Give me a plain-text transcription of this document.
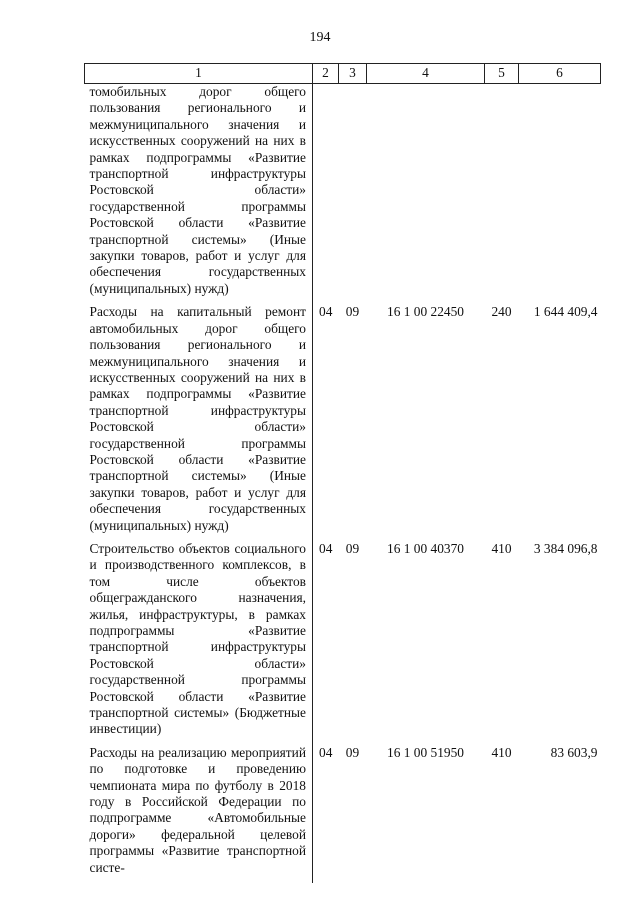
194
1	2	3	4	5	6
томобильных дорог общего пользования регионального и межмуниципального значения и искусственных сооружений на них в рамках подпрограммы «Развитие транспортной инфраструктуры Ростовской области» государственной программы Ростовской области «Развитие транспортной системы» (Иные закупки товаров, работ и услуг для обеспечения государственных (муниципальных) нужд)					
Расходы на капитальный ремонт автомобильных дорог общего пользования регионального и межмуниципального значения и искусственных сооружений на них в рамках подпрограммы «Развитие транспортной инфраструктуры Ростовской области» государственной программы Ростовской области «Развитие транспортной системы» (Иные закупки товаров, работ и услуг для обеспечения государственных (муниципальных) нужд)	04	09	16 1 00 22450	240	1 644 409,4
Строительство объектов социального и производственного комплексов, в том числе объектов общегражданского назначения, жилья, инфраструктуры, в рамках подпрограммы «Развитие транспортной инфраструктуры Ростовской области» государственной программы Ростовской области «Развитие транспортной системы» (Бюджетные инвестиции)	04	09	16 1 00 40370	410	3 384 096,8
Расходы на реализацию мероприятий по подготовке и проведению чемпионата мира по футболу в 2018 году в Российской Федерации по подпрограмме «Автомобильные дороги» федеральной целевой программы «Развитие транспортной систе-	04	09	16 1 00 51950	410	83 603,9
